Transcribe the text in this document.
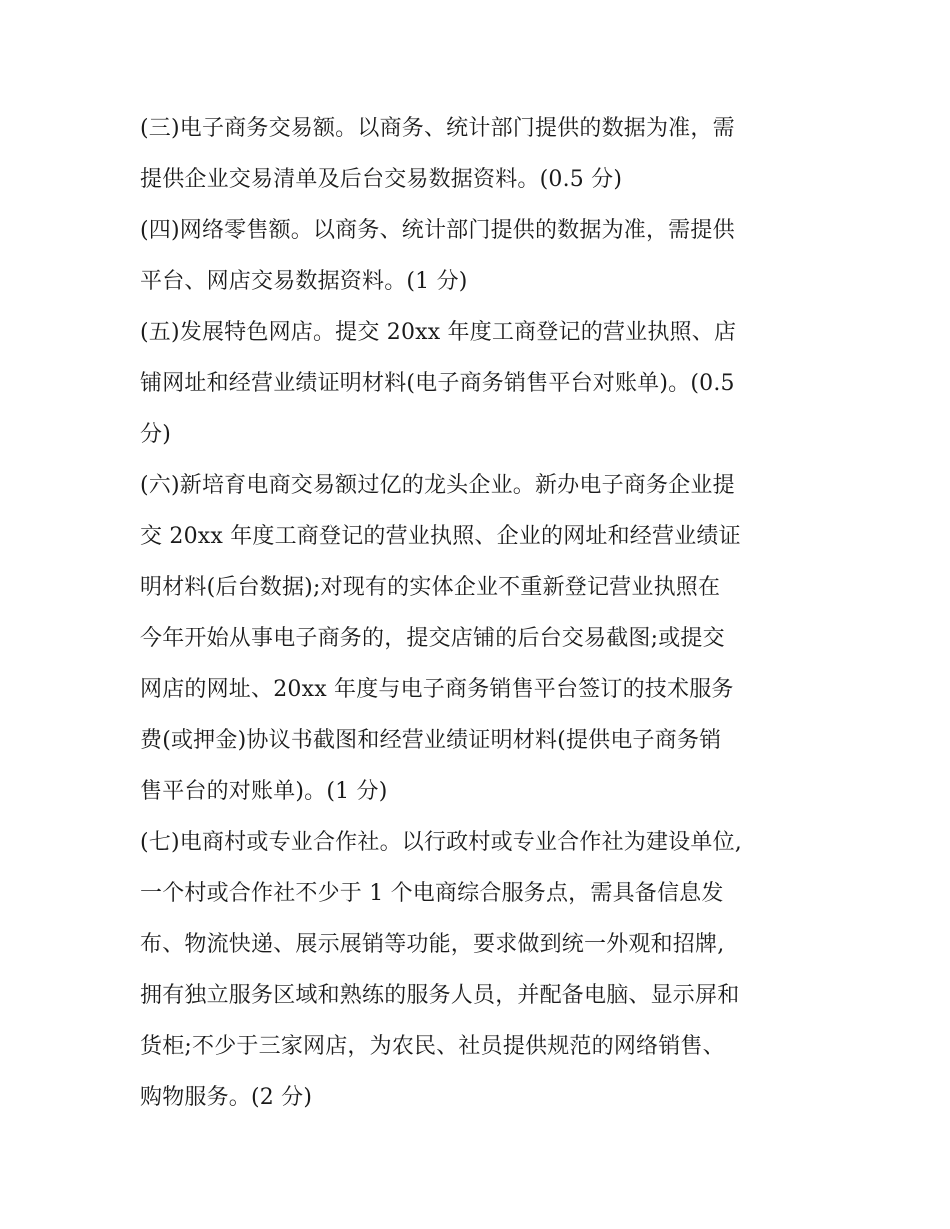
(三)电子商务交易额。以商务、统计部门提供的数据为准，需
提供企业交易清单及后台交易数据资料。(0.5 分)
(四)网络零售额。以商务、统计部门提供的数据为准，需提供
平台、网店交易数据资料。(1 分)
(五)发展特色网店。提交 20xx 年度工商登记的营业执照、店
铺网址和经营业绩证明材料(电子商务销售平台对账单)。(0.5
分)
(六)新培育电商交易额过亿的龙头企业。新办电子商务企业提
交 20xx 年度工商登记的营业执照、企业的网址和经营业绩证
明材料(后台数据);对现有的实体企业不重新登记营业执照在
今年开始从事电子商务的，提交店铺的后台交易截图;或提交
网店的网址、20xx 年度与电子商务销售平台签订的技术服务
费(或押金)协议书截图和经营业绩证明材料(提供电子商务销
售平台的对账单)。(1 分)
(七)电商村或专业合作社。以行政村或专业合作社为建设单位,
一个村或合作社不少于 1 个电商综合服务点，需具备信息发
布、物流快递、展示展销等功能，要求做到统一外观和招牌,
拥有独立服务区域和熟练的服务人员，并配备电脑、显示屏和
货柜;不少于三家网店，为农民、社员提供规范的网络销售、
购物服务。(2 分)
